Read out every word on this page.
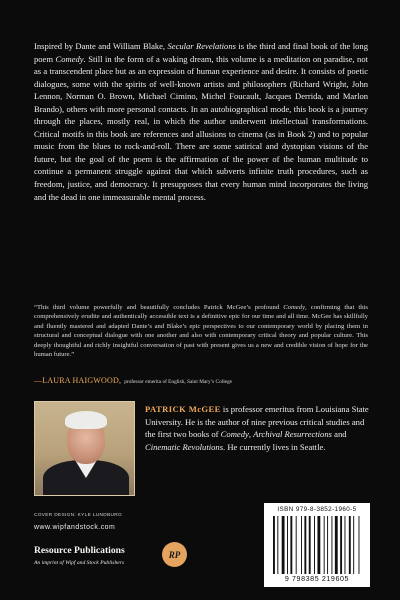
Inspired by Dante and William Blake, Secular Revelations is the third and final book of the long poem Comedy. Still in the form of a waking dream, this volume is a meditation on paradise, not as a transcendent place but as an expression of human experience and desire. It consists of poetic dialogues, some with the spirits of well-known artists and philosophers (Richard Wright, John Lennon, Norman O. Brown, Michael Cimino, Michel Foucault, Jacques Derrida, and Marlon Brando), others with more personal contacts. In an autobiographical mode, this book is a journey through the places, mostly real, in which the author underwent intellectual transformations. Critical motifs in this book are references and allusions to cinema (as in Book 2) and to popular music from the blues to rock-and-roll. There are some satirical and dystopian visions of the future, but the goal of the poem is the affirmation of the power of the human multitude to continue a permanent struggle against that which subverts infinite truth procedures, such as freedom, justice, and democracy. It presupposes that every human mind incorporates the living and the dead in one immeasurable mental process.

“This third volume powerfully and beautifully concludes Patrick McGee’s profound Comedy, confirming that this comprehensively erudite and authentically accessible text is a definitive epic for our time and all time. McGee has skillfully and fluently mastered and adapted Dante’s and Blake’s epic perspectives to our contemporary world by placing them in structural and conceptual dialogue with one another and also with contemporary critical theory and popular culture. This deeply thoughtful and richly insightful conversation of past with present gives us a new and credible vision of hope for the human future.”

—LAURA HAIGWOOD, professor emerita of English, Saint Mary’s College

PATRICK McGEE is professor emeritus from Louisiana State University. He is the author of nine previous critical studies and the first two books of Comedy, Archival Resurrections and Cinematic Revolutions. He currently lives in Seattle.

COVER DESIGN: KYLE LUNDBURG
www.wipfandstock.com
Resource Publications
An imprint of Wipf and Stock Publishers
RP
ISBN 979-8-3852-1960-5
9 798385 219605
